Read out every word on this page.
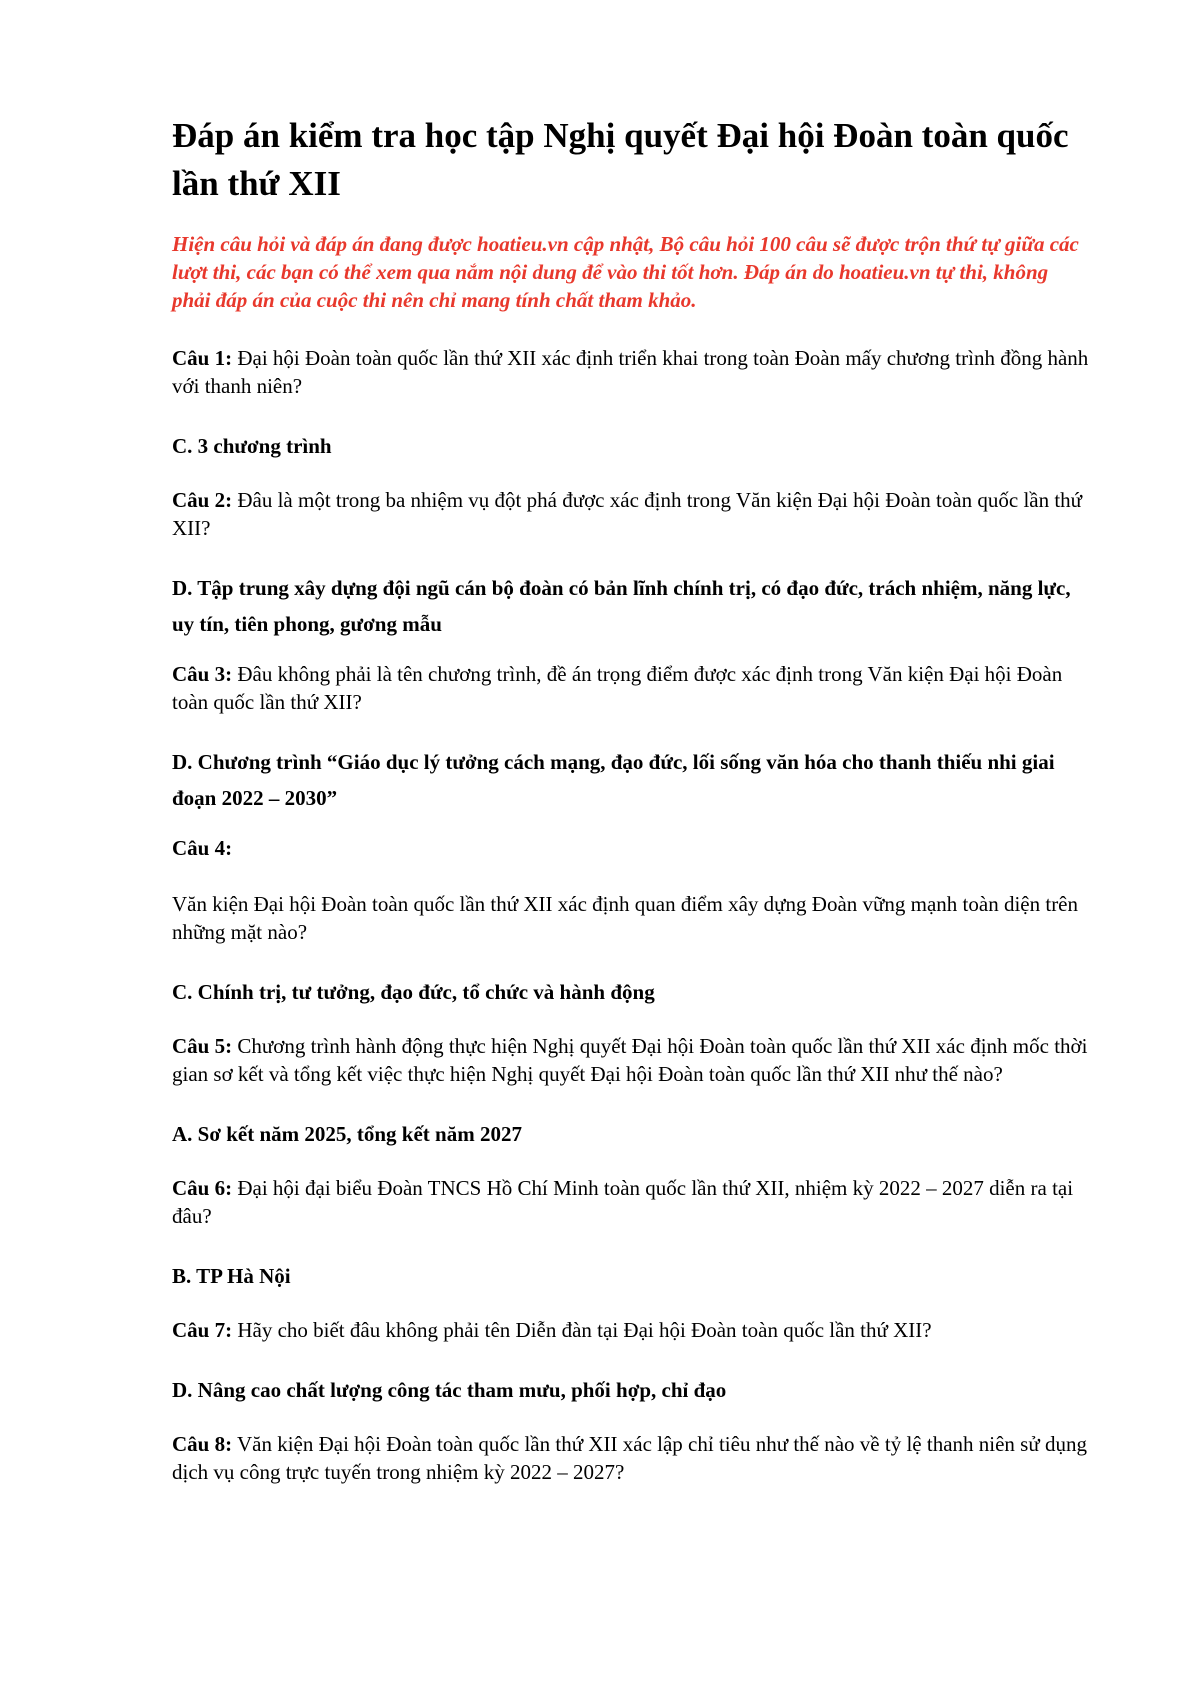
Đáp án kiểm tra học tập Nghị quyết Đại hội Đoàn toàn quốc lần thứ XII

Hiện câu hỏi và đáp án đang được hoatieu.vn cập nhật, Bộ câu hỏi 100 câu sẽ được trộn thứ tự giữa các lượt thi, các bạn có thể xem qua nắm nội dung để vào thi tốt hơn. Đáp án do hoatieu.vn tự thi, không phải đáp án của cuộc thi nên chỉ mang tính chất tham khảo.

Câu 1: Đại hội Đoàn toàn quốc lần thứ XII xác định triển khai trong toàn Đoàn mấy chương trình đồng hành với thanh niên?

C. 3 chương trình

Câu 2: Đâu là một trong ba nhiệm vụ đột phá được xác định trong Văn kiện Đại hội Đoàn toàn quốc lần thứ XII?

D. Tập trung xây dựng đội ngũ cán bộ đoàn có bản lĩnh chính trị, có đạo đức, trách nhiệm, năng lực, uy tín, tiên phong, gương mẫu

Câu 3: Đâu không phải là tên chương trình, đề án trọng điểm được xác định trong Văn kiện Đại hội Đoàn toàn quốc lần thứ XII?

D. Chương trình “Giáo dục lý tưởng cách mạng, đạo đức, lối sống văn hóa cho thanh thiếu nhi giai đoạn 2022 – 2030”

Câu 4:

Văn kiện Đại hội Đoàn toàn quốc lần thứ XII xác định quan điểm xây dựng Đoàn vững mạnh toàn diện trên những mặt nào?

C. Chính trị, tư tưởng, đạo đức, tổ chức và hành động

Câu 5: Chương trình hành động thực hiện Nghị quyết Đại hội Đoàn toàn quốc lần thứ XII xác định mốc thời gian sơ kết và tổng kết việc thực hiện Nghị quyết Đại hội Đoàn toàn quốc lần thứ XII như thế nào?

A. Sơ kết năm 2025, tổng kết năm 2027

Câu 6: Đại hội đại biểu Đoàn TNCS Hồ Chí Minh toàn quốc lần thứ XII, nhiệm kỳ 2022 – 2027 diễn ra tại đâu?

B. TP Hà Nội

Câu 7: Hãy cho biết đâu không phải tên Diễn đàn tại Đại hội Đoàn toàn quốc lần thứ XII?

D. Nâng cao chất lượng công tác tham mưu, phối hợp, chỉ đạo

Câu 8: Văn kiện Đại hội Đoàn toàn quốc lần thứ XII xác lập chỉ tiêu như thế nào về tỷ lệ thanh niên sử dụng dịch vụ công trực tuyến trong nhiệm kỳ 2022 – 2027?
